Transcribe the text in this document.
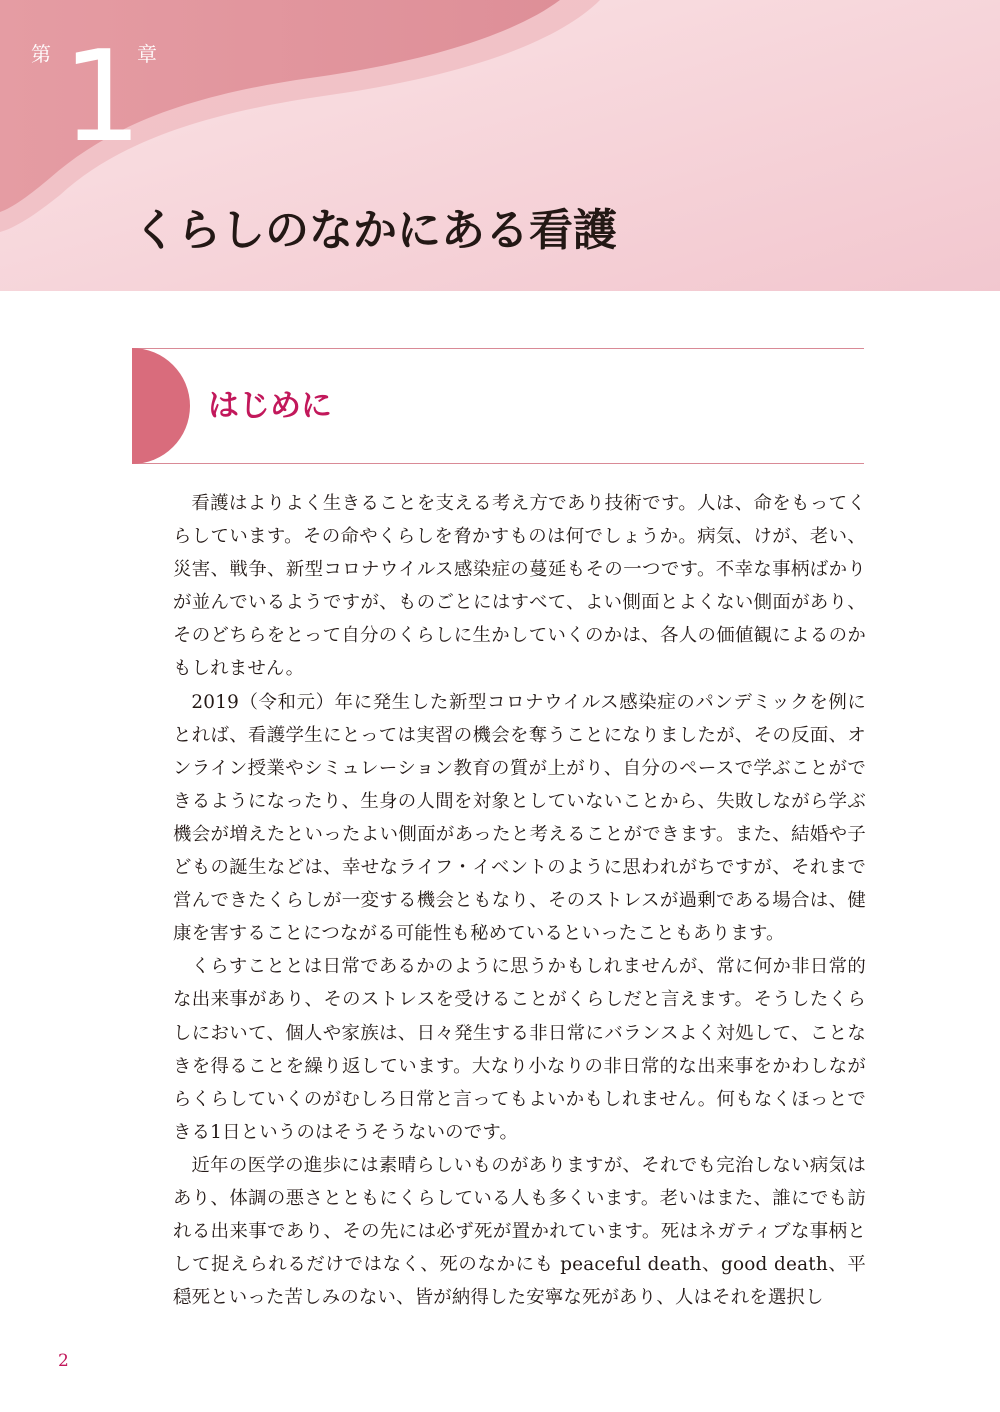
第 1
章
くらしのなかにある看護
はじめに

看護はよりよく生きることを支える考え方であり技術です。人は、命をもってくらしています。その命やくらしを脅かすものは何でしょうか。病気、けが、老い、災害、戦争、新型コロナウイルス感染症の蔓延もその一つです。不幸な事柄ばかりが並んでいるようですが、ものごとにはすべて、よい側面とよくない側面があり、そのどちらをとって自分のくらしに生かしていくのかは、各人の価値観によるのかもしれません。

2019（令和元）年に発生した新型コロナウイルス感染症のパンデミックを例にとれば、看護学生にとっては実習の機会を奪うことになりましたが、その反面、オンライン授業やシミュレーション教育の質が上がり、自分のペースで学ぶことができるようになったり、生身の人間を対象としていないことから、失敗しながら学ぶ機会が増えたといったよい側面があったと考えることができます。また、結婚や子どもの誕生などは、幸せなライフ・イベントのように思われがちですが、それまで営んできたくらしが一変する機会ともなり、そのストレスが過剰である場合は、健康を害することにつながる可能性も秘めているといったこともあります。

くらすこととは日常であるかのように思うかもしれませんが、常に何か非日常的な出来事があり、そのストレスを受けることがくらしだと言えます。そうしたくらしにおいて、個人や家族は、日々発生する非日常にバランスよく対処して、ことなきを得ることを繰り返しています。大なり小なりの非日常的な出来事をかわしながらくらしていくのがむしろ日常と言ってもよいかもしれません。何もなくほっとできる1日というのはそうそうないのです。

近年の医学の進歩には素晴らしいものがありますが、それでも完治しない病気はあり、体調の悪さとともにくらしている人も多くいます。老いはまた、誰にでも訪れる出来事であり、その先には必ず死が置かれています。死はネガティブな事柄として捉えられるだけではなく、死のなかにも peaceful death、good death、平穏死といった苦しみのない、皆が納得した安寧な死があり、人はそれを選択し

2
